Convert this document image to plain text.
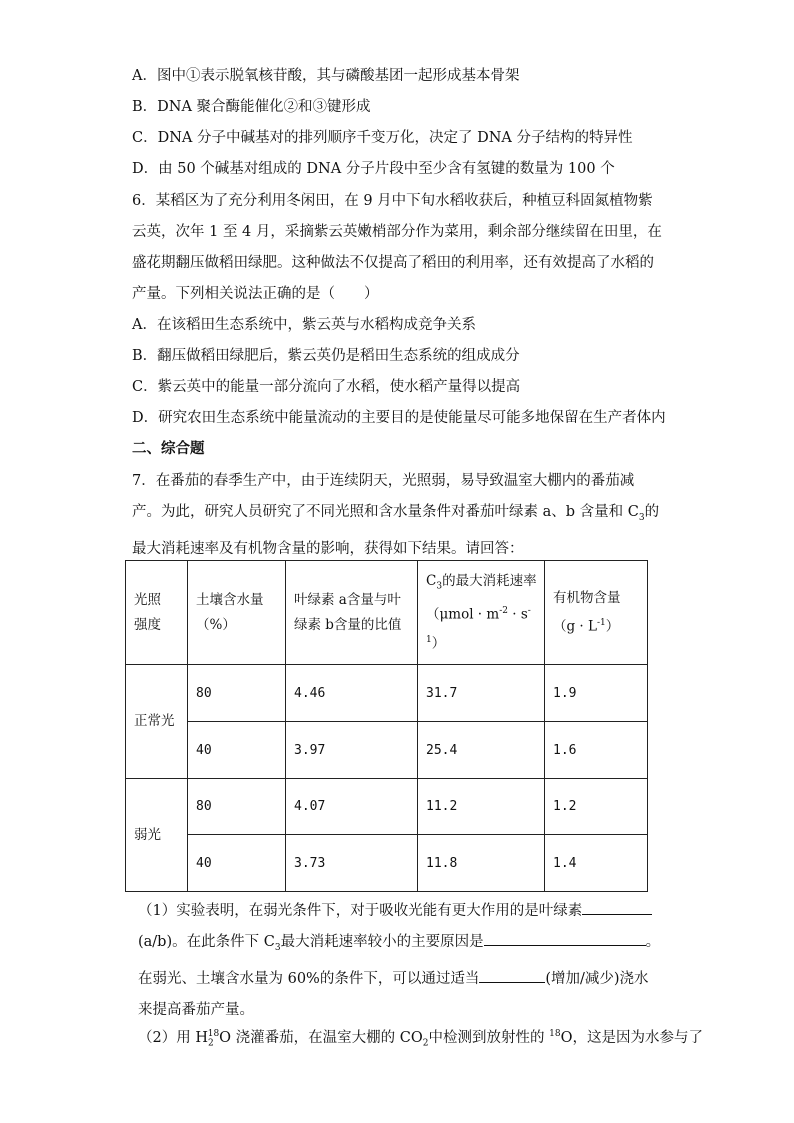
A．图中①表示脱氧核苷酸，其与磷酸基团一起形成基本骨架
B．DNA 聚合酶能催化②和③键形成
C．DNA 分子中碱基对的排列顺序千变万化，决定了 DNA 分子结构的特异性
D．由 50 个碱基对组成的 DNA 分子片段中至少含有氢键的数量为 100 个
6．某稻区为了充分利用冬闲田，在 9 月中下旬水稻收获后，种植豆科固氮植物紫云英，次年 1 至 4 月，采摘紫云英嫩梢部分作为菜用，剩余部分继续留在田里，在盛花期翻压做稻田绿肥。这种做法不仅提高了稻田的利用率，还有效提高了水稻的产量。下列相关说法正确的是（　　）
A．在该稻田生态系统中，紫云英与水稻构成竞争关系
B．翻压做稻田绿肥后，紫云英仍是稻田生态系统的组成成分
C．紫云英中的能量一部分流向了水稻，使水稻产量得以提高
D．研究农田生态系统中能量流动的主要目的是使能量尽可能多地保留在生产者体内
二、综合题
7．在番茄的春季生产中，由于连续阴天，光照弱，易导致温室大棚内的番茄减产。为此，研究人员研究了不同光照和含水量条件对番茄叶绿素 a、b 含量和 $C_3$的最大消耗速率及有机物含量的影响，获得如下结果。请回答：
光照强度	土壤含水量（%）	叶绿素 a含量与叶绿素 b含量的比值	$C_3$的最大消耗速率$(\mu mol \cdot m^{-2} \cdot s^{-1})$	有机物含量$(g \cdot L^{-1})$
正常光	80	4.46	31.7	1.9
	40	3.97	25.4	1.6
弱光	80	4.07	11.2	1.2
	40	3.73	11.8	1.4
（1）实验表明，在弱光条件下，对于吸收光能有更大作用的是叶绿素(a/b)。在此条件下 $C_3$最大消耗速率较小的主要原因是	。在弱光、土壤含水量为 60%的条件下，可以通过适当	(增加/减少)浇水来提高番茄产量。
（2）用 $H_2^{18}O$ 浇灌番茄，在温室大棚的 $CO_2$中检测到放射性的 $^{18}$O，这是因为水参与了
